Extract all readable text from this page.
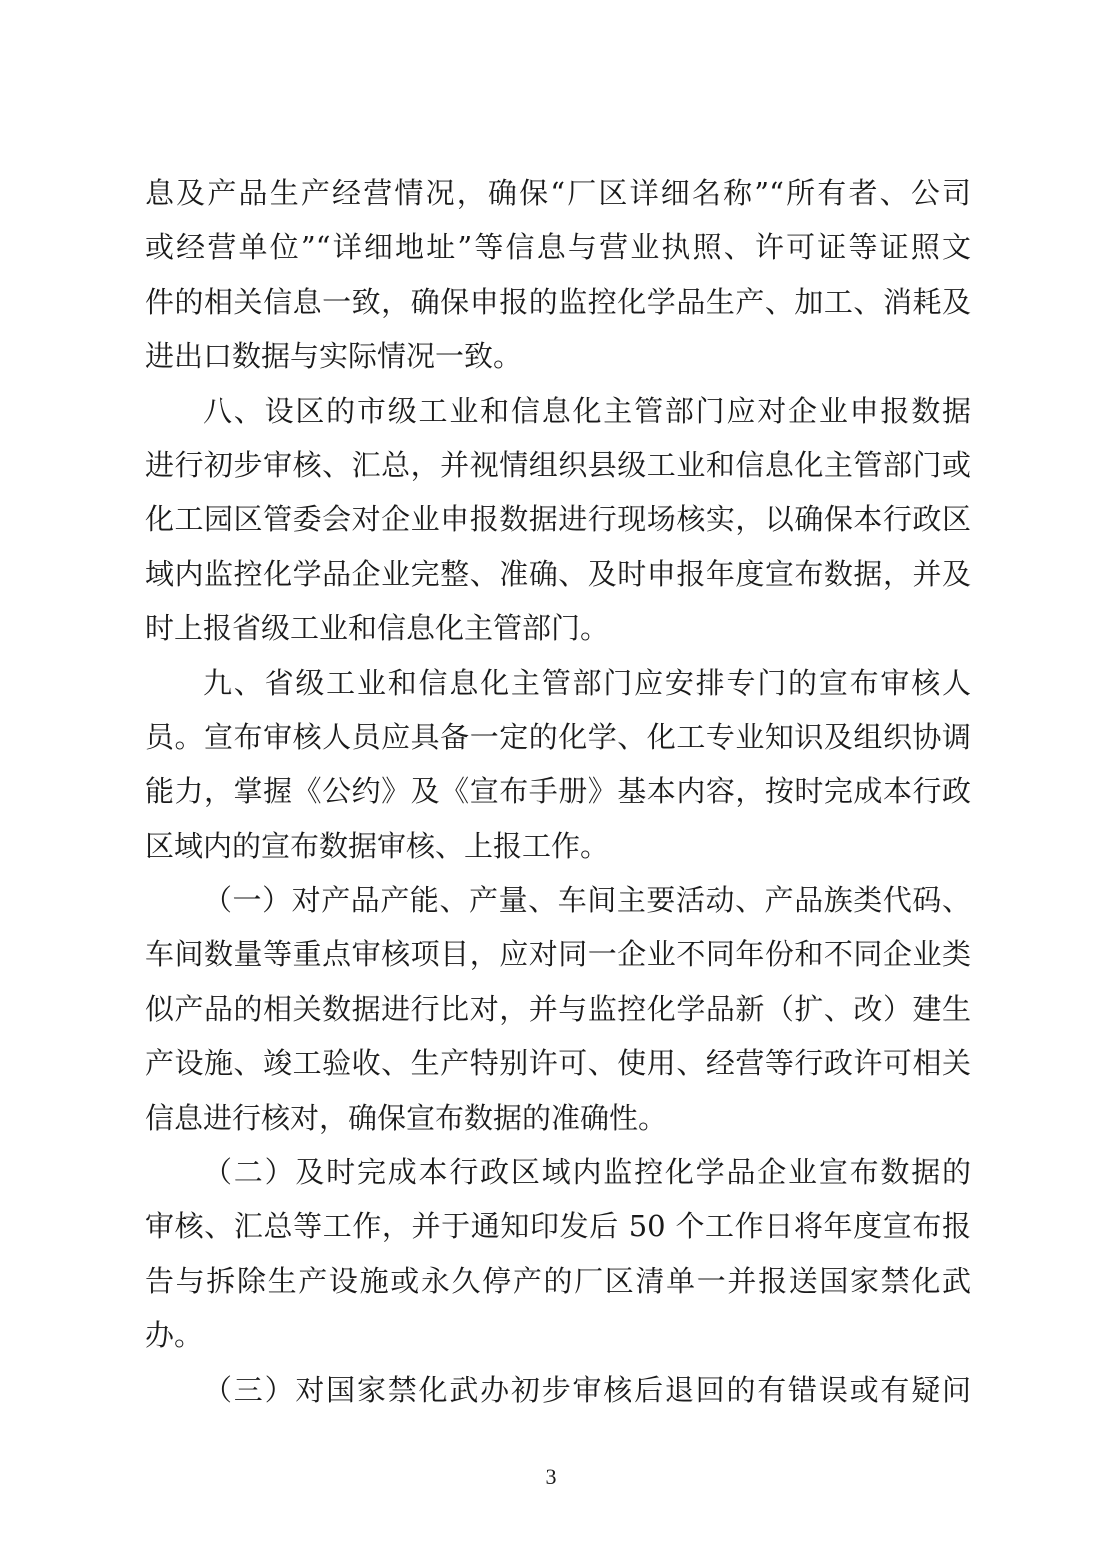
息及产品生产经营情况，确保“厂区详细名称”“所有者、公司
或经营单位”“详细地址”等信息与营业执照、许可证等证照文
件的相关信息一致，确保申报的监控化学品生产、加工、消耗及
进出口数据与实际情况一致。
八、设区的市级工业和信息化主管部门应对企业申报数据
进行初步审核、汇总，并视情组织县级工业和信息化主管部门或
化工园区管委会对企业申报数据进行现场核实，以确保本行政区
域内监控化学品企业完整、准确、及时申报年度宣布数据，并及
时上报省级工业和信息化主管部门。
九、省级工业和信息化主管部门应安排专门的宣布审核人
员。宣布审核人员应具备一定的化学、化工专业知识及组织协调
能力，掌握《公约》及《宣布手册》基本内容，按时完成本行政
区域内的宣布数据审核、上报工作。
（一）对产品产能、产量、车间主要活动、产品族类代码、
车间数量等重点审核项目，应对同一企业不同年份和不同企业类
似产品的相关数据进行比对，并与监控化学品新（扩、改）建生
产设施、竣工验收、生产特别许可、使用、经营等行政许可相关
信息进行核对，确保宣布数据的准确性。
（二）及时完成本行政区域内监控化学品企业宣布数据的
审核、汇总等工作，并于通知印发后 50 个工作日将年度宣布报
告与拆除生产设施或永久停产的厂区清单一并报送国家禁化武
办。
（三）对国家禁化武办初步审核后退回的有错误或有疑问
3
